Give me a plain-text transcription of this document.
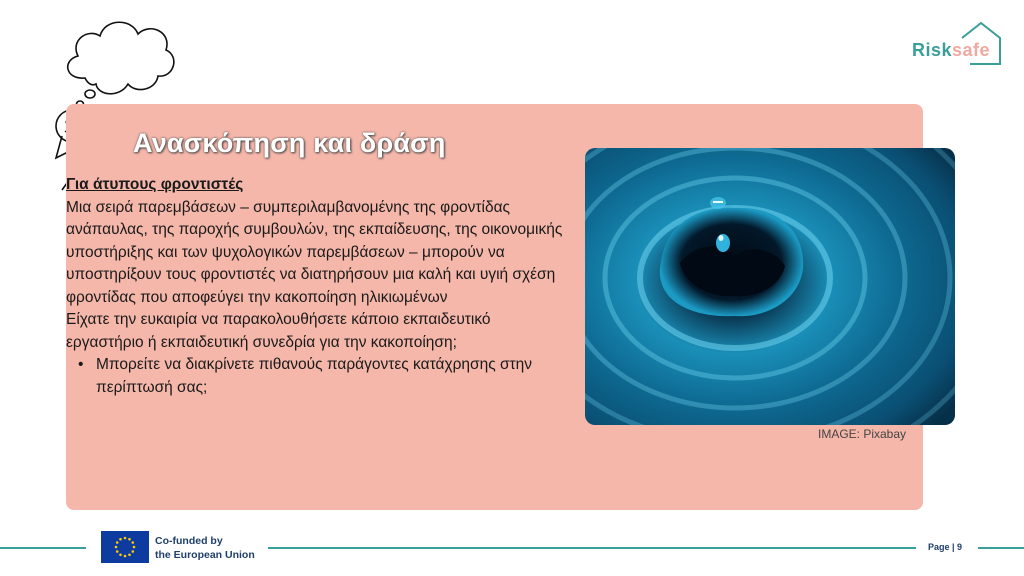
Risksafe
Ανασκόπηση και δράση

Για άτυπους φροντιστές

Μια σειρά παρεμβάσεων – συμπεριλαμβανομένης της φροντίδας ανάπαυλας, της παροχής συμβουλών, της εκπαίδευσης, της οικονομικής υποστήριξης και των ψυχολογικών παρεμβάσεων – μπορούν να υποστηρίξουν τους φροντιστές να διατηρήσουν μια καλή και υγιή σχέση φροντίδας που αποφεύγει την κακοποίηση ηλικιωμένων

Είχατε την ευκαιρία να παρακολουθήσετε κάποιο εκπαιδευτικό εργαστήριο ή εκπαιδευτική συνεδρία για την κακοποίηση;

• Μπορείτε να διακρίνετε πιθανούς παράγοντες κατάχρησης στην περίπτωσή σας;

IMAGE: Pixabay
Co-funded by
the European Union
Page | 9
